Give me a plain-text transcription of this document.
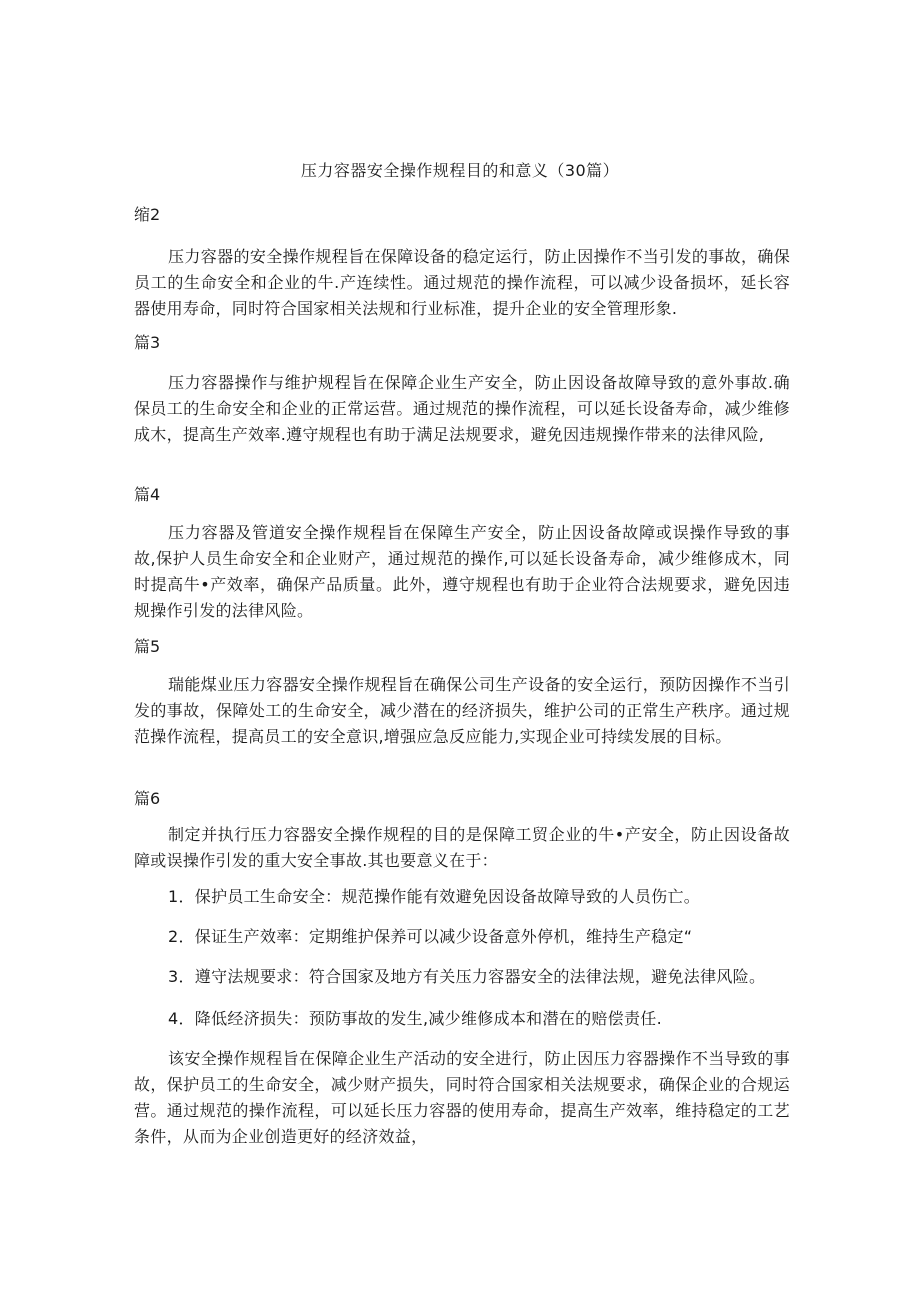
压力容器安全操作规程目的和意义（30篇）
缩2
压力容器的安全操作规程旨在保障设备的稳定运行，防止因操作不当引发的事故，确保员工的生命安全和企业的牛.产连续性。通过规范的操作流程，可以减少设备损坏，延长容器使用寿命，同时符合国家相关法规和行业标准，提升企业的安全管理形象.
篇3
压力容器操作与维护规程旨在保障企业生产安全，防止因设备故障导致的意外事故.确保员工的生命安全和企业的正常运营。通过规范的操作流程，可以延长设备寿命，减少维修成木，提高生产效率.遵守规程也有助于满足法规要求，避免因违规操作带来的法律风险,
篇4
压力容器及管道安全操作规程旨在保障生产安全，防止因设备故障或误操作导致的事故,保护人员生命安全和企业财产，通过规范的操作,可以延长设备寿命，减少维修成木，同时提高牛•产效率，确保产品质量。此外，遵守规程也有助于企业符合法规要求，避免因违规操作引发的法律风险。
篇5
瑞能煤业压力容器安全操作规程旨在确保公司生产设备的安全运行，预防因操作不当引发的事故，保障处工的生命安全，减少潜在的经济损失，维护公司的正常生产秩序。通过规范操作流程，提高员工的安全意识,增强应急反应能力,实现企业可持续发展的目标。
篇6
制定并执行压力容器安全操作规程的目的是保障工贸企业的牛•产安全，防止因设备故障或误操作引发的重大安全事故.其也要意义在于：
1．保护员工生命安全：规范操作能有效避免因设备故障导致的人员伤亡。
2．保证生产效率：定期维护保养可以减少设备意外停机，维持生产稳定“
3．遵守法规要求：符合国家及地方有关压力容器安全的法律法规，避免法律风险。
4．降低经济损失：预防事故的发生,减少维修成本和潜在的赔偿责任.
该安全操作规程旨在保障企业生产活动的安全进行，防止因压力容器操作不当导致的事故，保护员工的生命安全，减少财产损失，同时符合国家相关法规要求，确保企业的合规运营。通过规范的操作流程，可以延长压力容器的使用寿命，提高生产效率，维持稳定的工艺条件，从而为企业创造更好的经济效益，
